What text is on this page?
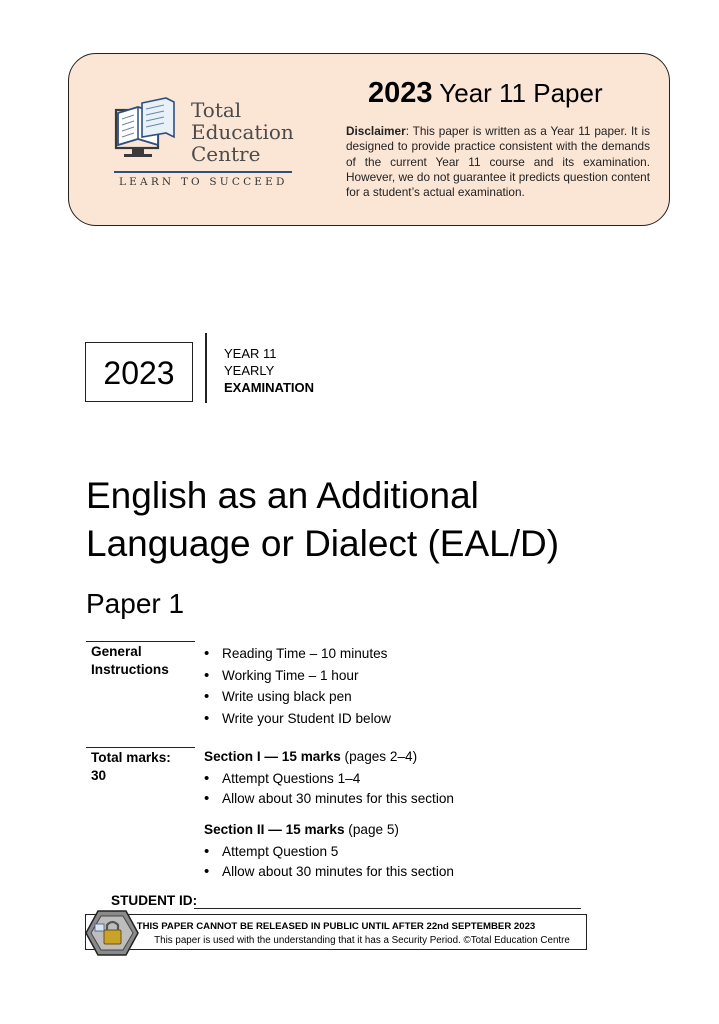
Total
Education
Centre
LEARN TO SUCCEED
2023 Year 11 Paper
Disclaimer: This paper is written as a Year 11 paper. It is designed to provide practice consistent with the demands of the current Year 11 course and its examination. However, we do not guarantee it predicts question content for a student’s actual examination.
2023
YEAR 11
YEARLY
EXAMINATION
English as an Additional
Language or Dialect (EAL/D)
Paper 1
General
Instructions
• Reading Time – 10 minutes
• Working Time – 1 hour
• Write using black pen
• Write your Student ID below
Total marks:
30
Section I — 15 marks (pages 2–4)
• Attempt Questions 1–4
• Allow about 30 minutes for this section
Section II — 15 marks (page 5)
• Attempt Question 5
• Allow about 30 minutes for this section
STUDENT ID:
THIS PAPER CANNOT BE RELEASED IN PUBLIC UNTIL AFTER 22nd SEPTEMBER 2023
This paper is used with the understanding that it has a Security Period. ©Total Education Centre
